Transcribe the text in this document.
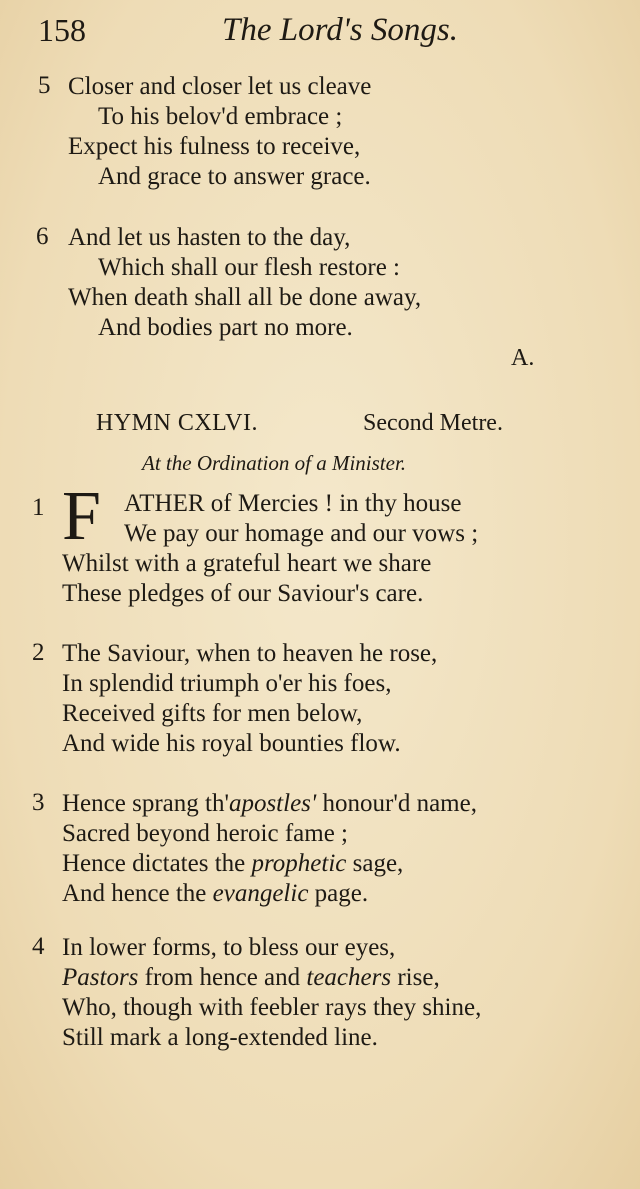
158	The Lord's Songs.
5 Closer and closer let us cleave
To his belov'd embrace ;
Expect his fulness to receive,
And grace to answer grace.
6 And let us hasten to the day,
Which shall our flesh restore :
When death shall all be done away,
And bodies part no more.
A.
HYMN CXLVI.	Second Metre.
At the Ordination of a Minister.
1 F ATHER of Mercies ! in thy house
We pay our homage and our vows ;
Whilst with a grateful heart we share
These pledges of our Saviour's care.
2 The Saviour, when to heaven he rose,
In splendid triumph o'er his foes,
Received gifts for men below,
And wide his royal bounties flow.
3 Hence sprang th'apostles' honour'd name,
Sacred beyond heroic fame ;
Hence dictates the prophetic sage,
And hence the evangelic page.
4 In lower forms, to bless our eyes,
Pastors from hence and teachers rise,
Who, though with feebler rays they shine,
Still mark a long-extended line.
